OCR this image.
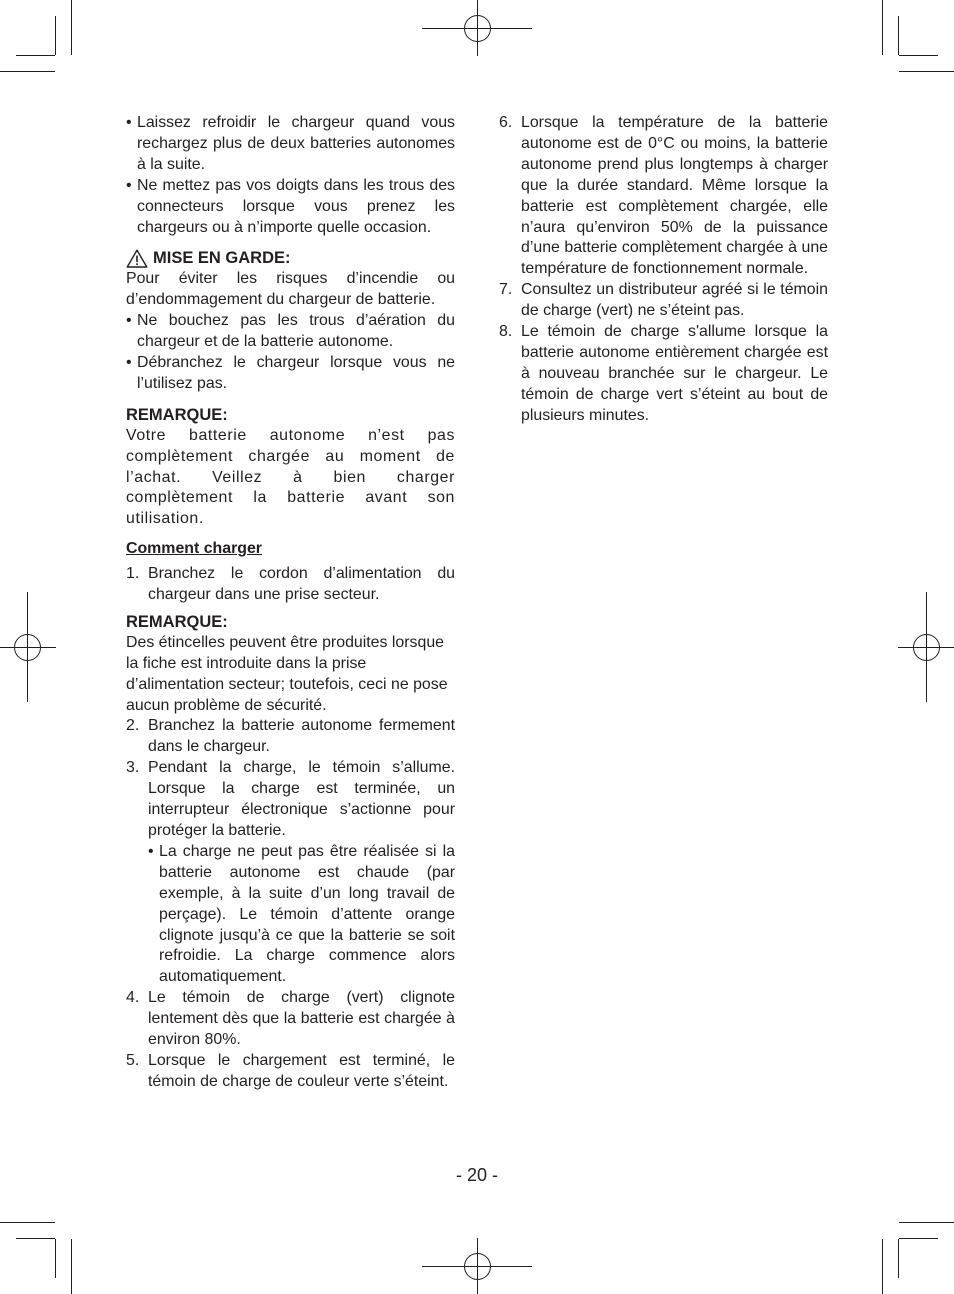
• Laissez refroidir le chargeur quand vous rechargez plus de deux batteries autonomes à la suite.
• Ne mettez pas vos doigts dans les trous des connecteurs lorsque vous prenez les chargeurs ou à n’importe quelle occasion.
MISE EN GARDE:

Pour éviter les risques d’incendie ou d’endommagement du chargeur de batterie.

• Ne bouchez pas les trous d’aération du chargeur et de la batterie autonome.
• Débranchez le chargeur lorsque vous ne l’utilisez pas.
REMARQUE:

Votre batterie autonome n’est pas complètement chargée au moment de l’achat. Veillez à bien charger complètement la batterie avant son utilisation.

Comment charger
1. Branchez le cordon d’alimentation du chargeur dans une prise secteur.
REMARQUE:

Des étincelles peuvent être produites lorsque la fiche est introduite dans la prise d’alimentation secteur; toutefois, ceci ne pose aucun problème de sécurité.

2. Branchez la batterie autonome fermement dans le chargeur.
3. Pendant la charge, le témoin s’allume. Lorsque la charge est terminée, un interrupteur électronique s’actionne pour protéger la batterie.
• La charge ne peut pas être réalisée si la batterie autonome est chaude (par exemple, à la suite d’un long travail de perçage). Le témoin d’attente orange clignote jusqu’à ce que la batterie se soit refroidie. La charge commence alors automatiquement.
4. Le témoin de charge (vert) clignote lentement dès que la batterie est chargée à environ 80%.
5. Lorsque le chargement est terminé, le témoin de charge de couleur verte s’éteint.
6. Lorsque la température de la batterie autonome est de 0°C ou moins, la batterie autonome prend plus longtemps à charger que la durée standard. Même lorsque la batterie est complètement chargée, elle n’aura qu’environ 50% de la puissance d’une batterie complètement chargée à une température de fonctionnement normale.
7. Consultez un distributeur agréé si le témoin de charge (vert) ne s’éteint pas.
8. Le témoin de charge s'allume lorsque la batterie autonome entièrement chargée est à nouveau branchée sur le chargeur. Le témoin de charge vert s’éteint au bout de plusieurs minutes.
- 20 -
